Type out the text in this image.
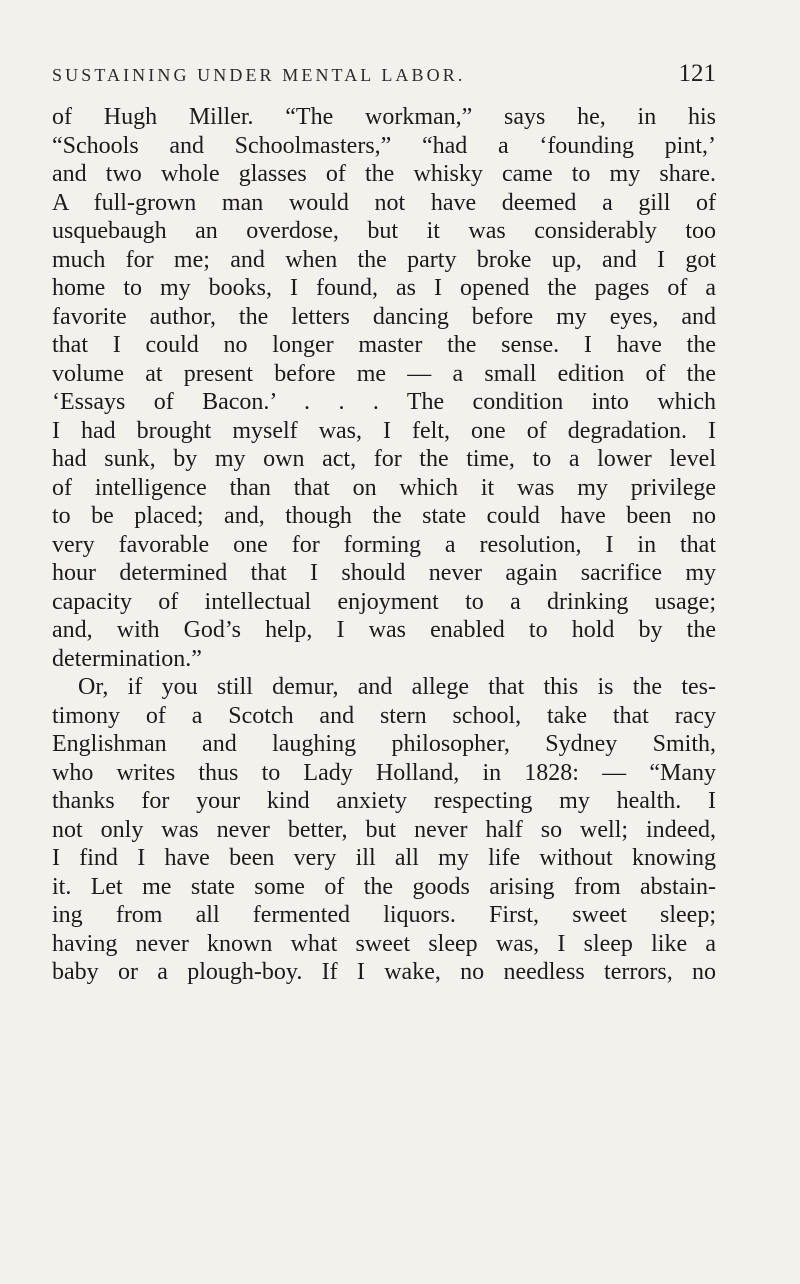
SUSTAINING UNDER MENTAL LABOR.	121
of Hugh Miller. “The workman,” says he, in his
“Schools and Schoolmasters,” “had a ‘founding pint,’
and two whole glasses of the whisky came to my share.
A full-grown man would not have deemed a gill of
usquebaugh an overdose, but it was considerably too
much for me; and when the party broke up, and I got
home to my books, I found, as I opened the pages of a
favorite author, the letters dancing before my eyes, and
that I could no longer master the sense. I have the
volume at present before me — a small edition of the
‘Essays of Bacon.’ . . . The condition into which
I had brought myself was, I felt, one of degradation. I
had sunk, by my own act, for the time, to a lower level
of intelligence than that on which it was my privilege
to be placed; and, though the state could have been no
very favorable one for forming a resolution, I in that
hour determined that I should never again sacrifice my
capacity of intellectual enjoyment to a drinking usage;
and, with God’s help, I was enabled to hold by the
determination.”
Or, if you still demur, and allege that this is the tes-
timony of a Scotch and stern school, take that racy
Englishman and laughing philosopher, Sydney Smith,
who writes thus to Lady Holland, in 1828: — “Many
thanks for your kind anxiety respecting my health. I
not only was never better, but never half so well; indeed,
I find I have been very ill all my life without knowing
it. Let me state some of the goods arising from abstain-
ing from all fermented liquors. First, sweet sleep;
having never known what sweet sleep was, I sleep like a
baby or a plough-boy. If I wake, no needless terrors, no
